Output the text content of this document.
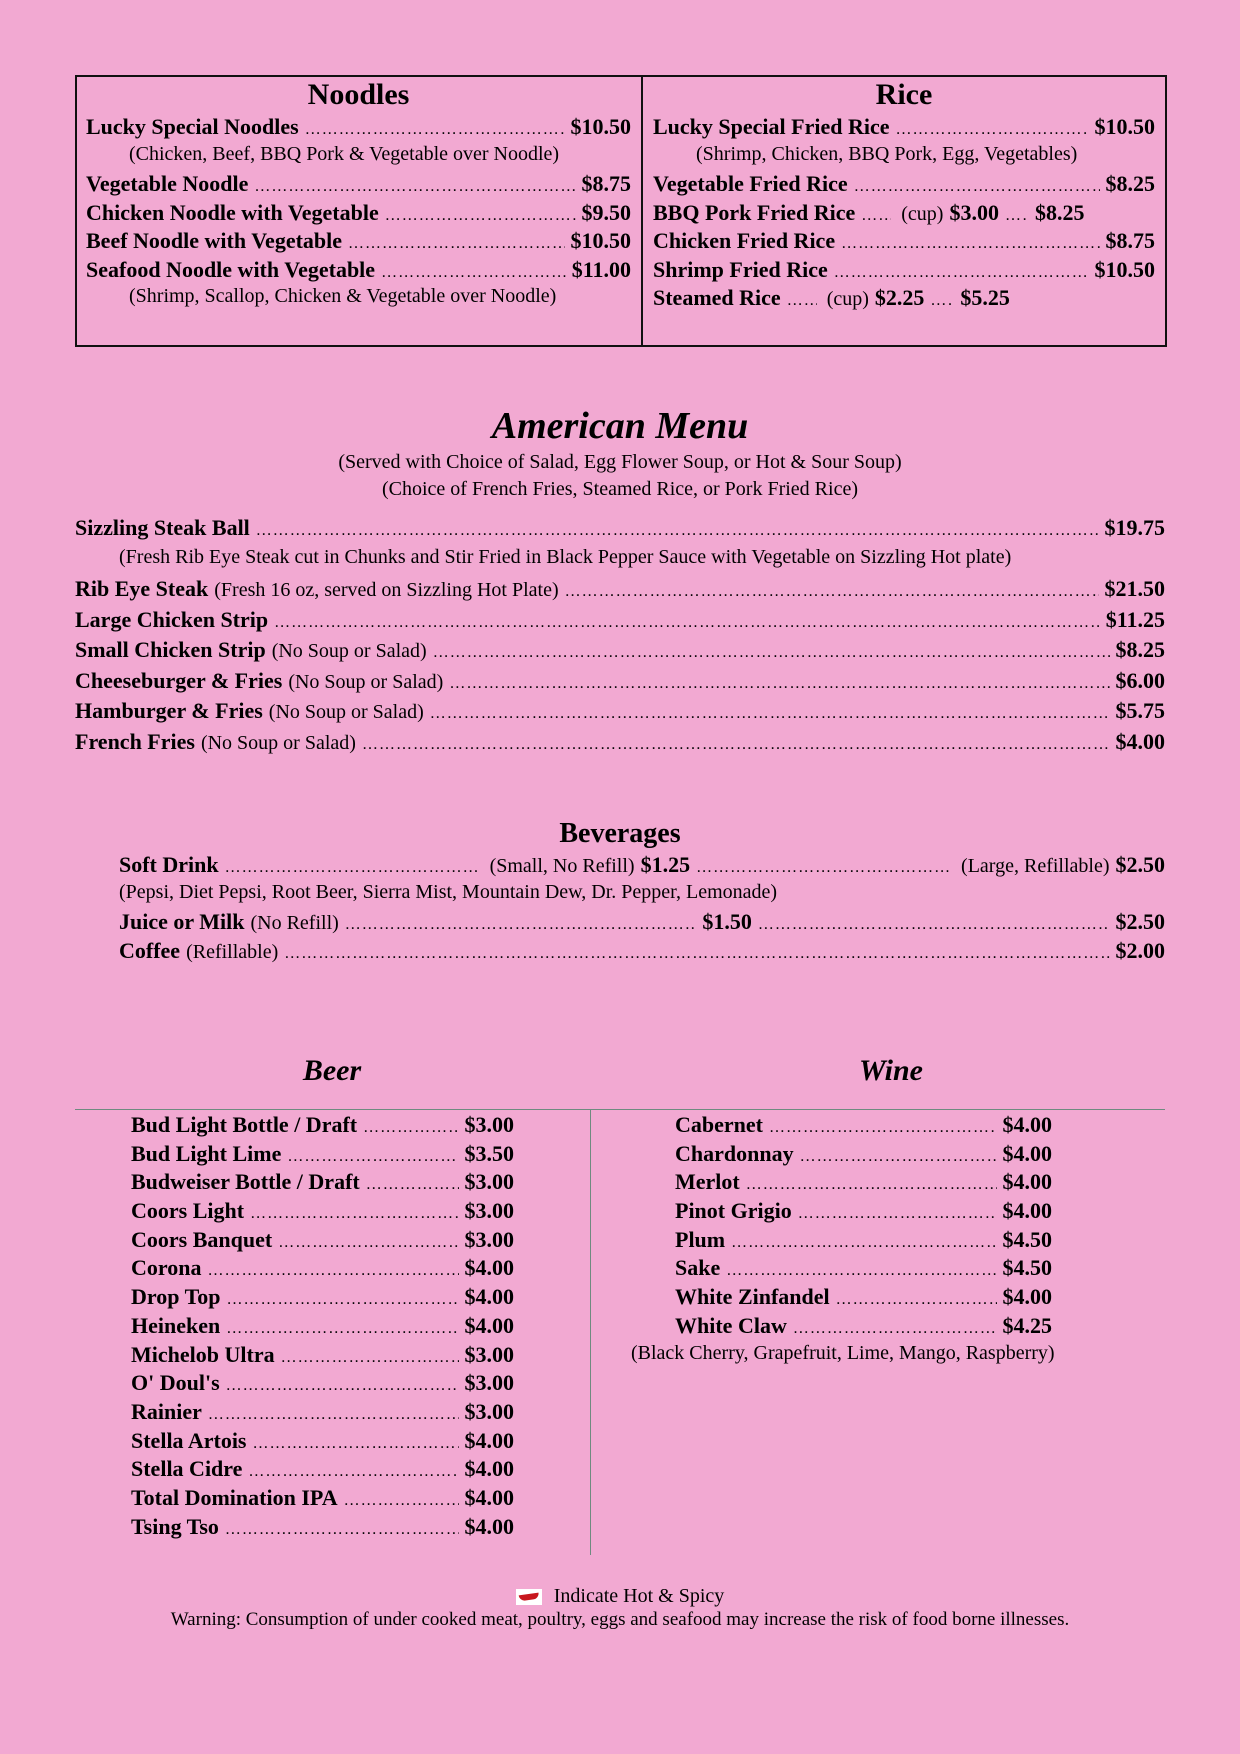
Noodles
Lucky Special Noodles ……………………………………………………………………………………………………………………………………………………………………………………………………………………	$10.50
(Chicken, Beef, BBQ Pork & Vegetable over Noodle)
Vegetable Noodle ……………………………………………………………………………………………………………………………………………………………………………………………………………………	$8.75
Chicken Noodle with Vegetable ……………………………………………………………………………………………………………………………………………………………………………………………………………………	$9.50
Beef Noodle with Vegetable ……………………………………………………………………………………………………………………………………………………………………………………………………………………	$10.50
Seafood Noodle with Vegetable ……………………………………………………………………………………………………………………………………………………………………………………………………………………	$11.00
(Shrimp, Scallop, Chicken & Vegetable over Noodle)
Rice
Lucky Special Fried Rice ……………………………………………………………………………………………………………………………………………………………………………………………………………………	$10.50
(Shrimp, Chicken, BBQ Pork, Egg, Vegetables)
Vegetable Fried Rice ……………………………………………………………………………………………………………………………………………………………………………………………………………………	$8.25
BBQ Pork Fried Rice …………………………………………………………………………………………………………………………………………………………………………………………………………………… (cup) $3.00 …………………………………………………………………………………………………………………………………………………………………………………………………………………… $8.25
Chicken Fried Rice ……………………………………………………………………………………………………………………………………………………………………………………………………………………	$8.75
Shrimp Fried Rice ……………………………………………………………………………………………………………………………………………………………………………………………………………………	$10.50
Steamed Rice …………………………………………………………………………………………………………………………………………………………………………………………………………………… (cup) $2.25 …………………………………………………………………………………………………………………………………………………………………………………………………………………… $5.25
American Menu
(Served with Choice of Salad, Egg Flower Soup, or Hot & Sour Soup)
(Choice of French Fries, Steamed Rice, or Pork Fried Rice)
Sizzling Steak Ball ……………………………………………………………………………………………………………………………………………………………………………………………………………………	$19.75
(Fresh Rib Eye Steak cut in Chunks and Stir Fried in Black Pepper Sauce with Vegetable on Sizzling Hot plate)
Rib Eye Steak (Fresh 16 oz, served on Sizzling Hot Plate) ……………………………………………………………………………………………………………………………………………………………………………………………………………………	$21.50
Large Chicken Strip ……………………………………………………………………………………………………………………………………………………………………………………………………………………	$11.25
Small Chicken Strip (No Soup or Salad) ……………………………………………………………………………………………………………………………………………………………………………………………………………………	$8.25
Cheeseburger & Fries (No Soup or Salad) ……………………………………………………………………………………………………………………………………………………………………………………………………………………	$6.00
Hamburger & Fries (No Soup or Salad) ……………………………………………………………………………………………………………………………………………………………………………………………………………………	$5.75
French Fries (No Soup or Salad) ……………………………………………………………………………………………………………………………………………………………………………………………………………………	$4.00
Beverages
Soft Drink ……………………………………………………………………………………………………………………………………………………………………………………………………………………	(Small, No Refill) $1.25 ……………………………………………………………………………………………………………………………………………………………………………………………………………………	(Large, Refillable) $2.50
(Pepsi, Diet Pepsi, Root Beer, Sierra Mist, Mountain Dew, Dr. Pepper, Lemonade)
Juice or Milk (No Refill) ……………………………………………………………………………………………………………………………………………………………………………………………………………………	$1.50 ……………………………………………………………………………………………………………………………………………………………………………………………………………………	$2.50
Coffee (Refillable) ……………………………………………………………………………………………………………………………………………………………………………………………………………………	$2.00
Beer	Wine
Bud Light Bottle / Draft ……………………………………………………………………………………………………………………………………………………………………………………………………………………	$3.00
Bud Light Lime ……………………………………………………………………………………………………………………………………………………………………………………………………………………	$3.50
Budweiser Bottle / Draft ……………………………………………………………………………………………………………………………………………………………………………………………………………………	$3.00
Coors Light ……………………………………………………………………………………………………………………………………………………………………………………………………………………	$3.00
Coors Banquet ……………………………………………………………………………………………………………………………………………………………………………………………………………………	$3.00
Corona ……………………………………………………………………………………………………………………………………………………………………………………………………………………	$4.00
Drop Top ……………………………………………………………………………………………………………………………………………………………………………………………………………………	$4.00
Heineken ……………………………………………………………………………………………………………………………………………………………………………………………………………………	$4.00
Michelob Ultra ……………………………………………………………………………………………………………………………………………………………………………………………………………………	$3.00
O' Doul's ……………………………………………………………………………………………………………………………………………………………………………………………………………………	$3.00
Rainier ……………………………………………………………………………………………………………………………………………………………………………………………………………………	$3.00
Stella Artois ……………………………………………………………………………………………………………………………………………………………………………………………………………………	$4.00
Stella Cidre ……………………………………………………………………………………………………………………………………………………………………………………………………………………	$4.00
Total Domination IPA ……………………………………………………………………………………………………………………………………………………………………………………………………………………	$4.00
Tsing Tso ……………………………………………………………………………………………………………………………………………………………………………………………………………………	$4.00
Cabernet ……………………………………………………………………………………………………………………………………………………………………………………………………………………	$4.00
Chardonnay ……………………………………………………………………………………………………………………………………………………………………………………………………………………	$4.00
Merlot ……………………………………………………………………………………………………………………………………………………………………………………………………………………	$4.00
Pinot Grigio ……………………………………………………………………………………………………………………………………………………………………………………………………………………	$4.00
Plum ……………………………………………………………………………………………………………………………………………………………………………………………………………………	$4.50
Sake ……………………………………………………………………………………………………………………………………………………………………………………………………………………	$4.50
White Zinfandel ……………………………………………………………………………………………………………………………………………………………………………………………………………………	$4.00
White Claw ……………………………………………………………………………………………………………………………………………………………………………………………………………………	$4.25
(Black Cherry, Grapefruit, Lime, Mango, Raspberry)
Indicate Hot & Spicy
Warning: Consumption of under cooked meat, poultry, eggs and seafood may increase the risk of food borne illnesses.
